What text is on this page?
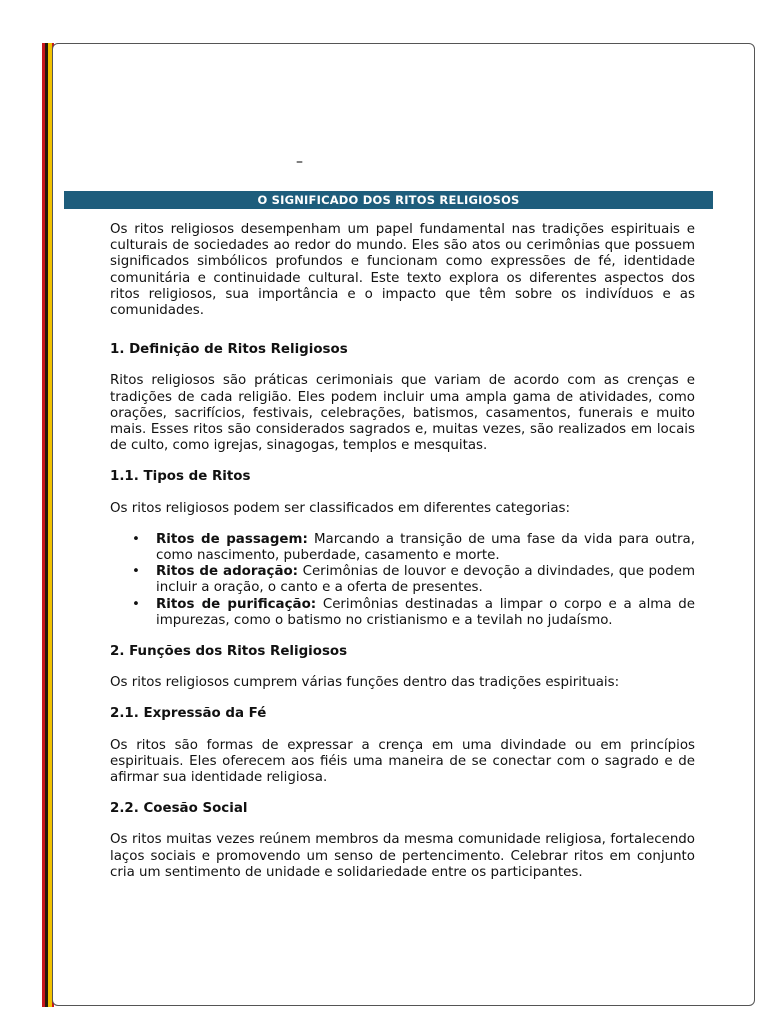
–
O SIGNIFICADO DOS RITOS RELIGIOSOS

Os ritos religiosos desempenham um papel fundamental nas tradições espirituais e culturais de sociedades ao redor do mundo. Eles são atos ou cerimônias que possuem significados simbólicos profundos e funcionam como expressões de fé, identidade comunitária e continuidade cultural. Este texto explora os diferentes aspectos dos ritos religiosos, sua importância e o impacto que têm sobre os indivíduos e as comunidades.

1. Definição de Ritos Religiosos

Ritos religiosos são práticas cerimoniais que variam de acordo com as crenças e tradições de cada religião. Eles podem incluir uma ampla gama de atividades, como orações, sacrifícios, festivais, celebrações, batismos, casamentos, funerais e muito mais. Esses ritos são considerados sagrados e, muitas vezes, são realizados em locais de culto, como igrejas, sinagogas, templos e mesquitas.

1.1. Tipos de Ritos

Os ritos religiosos podem ser classificados em diferentes categorias:

• Ritos de passagem: Marcando a transição de uma fase da vida para outra, como nascimento, puberdade, casamento e morte.
• Ritos de adoração: Cerimônias de louvor e devoção a divindades, que podem incluir a oração, o canto e a oferta de presentes.
• Ritos de purificação: Cerimônias destinadas a limpar o corpo e a alma de impurezas, como o batismo no cristianismo e a tevilah no judaísmo.
2. Funções dos Ritos Religiosos

Os ritos religiosos cumprem várias funções dentro das tradições espirituais:

2.1. Expressão da Fé

Os ritos são formas de expressar a crença em uma divindade ou em princípios espirituais. Eles oferecem aos fiéis uma maneira de se conectar com o sagrado e de afirmar sua identidade religiosa.

2.2. Coesão Social

Os ritos muitas vezes reúnem membros da mesma comunidade religiosa, fortalecendo laços sociais e promovendo um senso de pertencimento. Celebrar ritos em conjunto cria um sentimento de unidade e solidariedade entre os participantes.
